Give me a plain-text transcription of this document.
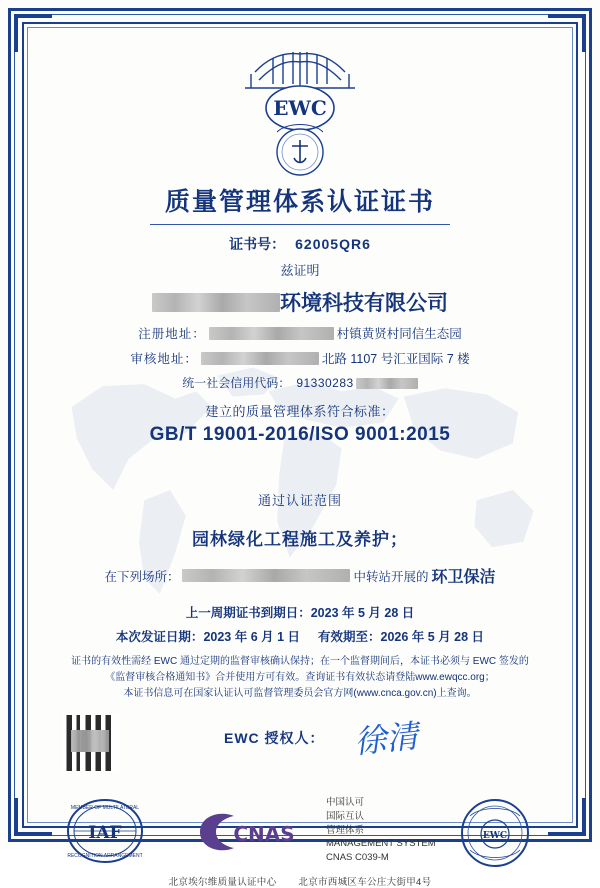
EWC
质量管理体系认证证书
证书号： 62005QR6
兹证明
环境科技有限公司
注册地址：	村镇黄贤村同信生态园
审核地址：	北路 1107 号汇亚国际 7 楼
统一社会信用代码： 91330283
建立的质量管理体系符合标准：
GB/T 19001-2016/ISO 9001:2015
通过认证范围
园林绿化工程施工及养护；
在下列场所：	中转站开展的 环卫保洁
上一周期证书到期日：2023 年 5 月 28 日
本次发证日期：2023 年 6 月 1 日 有效期至：2026 年 5 月 28 日
证书的有效性需经 EWC 通过定期的监督审核确认保持；在一个监督期间后，本证书必须与 EWC 签发的
《监督审核合格通知书》合并使用方可有效。查询证书有效状态请登陆www.ewqcc.org；
本证书信息可在国家认证认可监督管理委员会官方网(www.cnca.gov.cn)上查询。
EWC 授权人： 徐清
IAF
MEMBER OF MULTILATERAL
RECOGNITION ARRANGEMENT
CNAS
中国认可
国际互认
管理体系
MANAGEMENT SYSTEM
CNAS C039-M
EWC
北京埃尔维质量认证中心 北京市西城区车公庄大街甲4号
